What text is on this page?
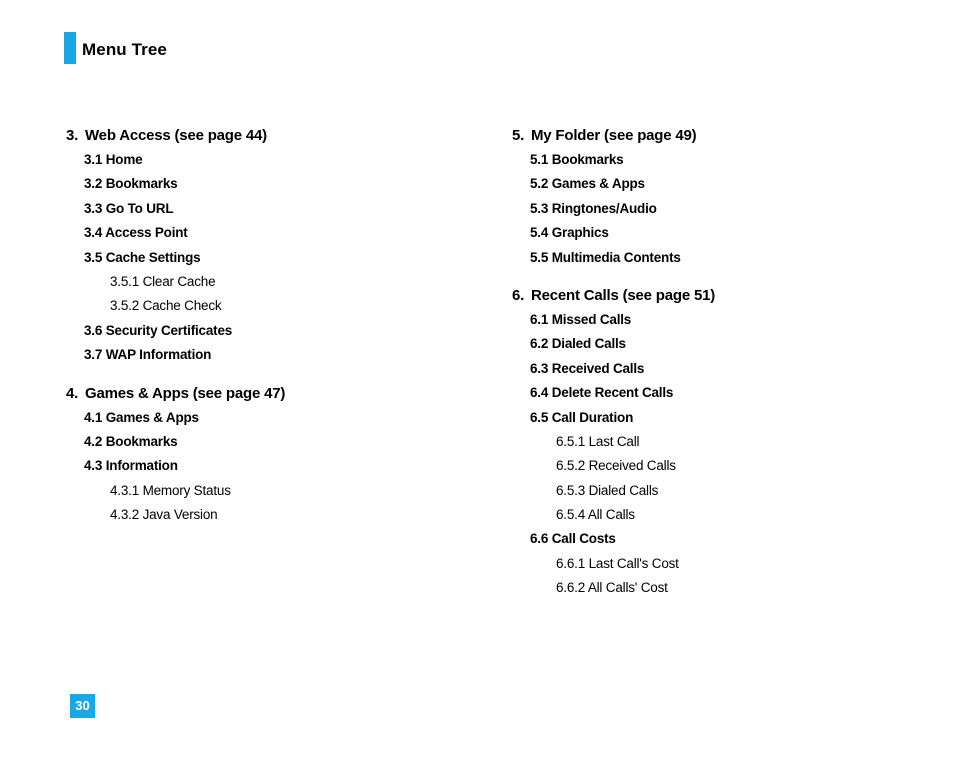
Menu Tree
3. Web Access (see page 44)
3.1 Home
3.2 Bookmarks
3.3 Go To URL
3.4 Access Point
3.5 Cache Settings
3.5.1 Clear Cache
3.5.2 Cache Check
3.6 Security Certificates
3.7 WAP Information
4. Games & Apps (see page 47)
4.1 Games & Apps
4.2 Bookmarks
4.3 Information
4.3.1 Memory Status
4.3.2 Java Version
5. My Folder (see page 49)
5.1 Bookmarks
5.2 Games & Apps
5.3 Ringtones/Audio
5.4 Graphics
5.5 Multimedia Contents
6. Recent Calls (see page 51)
6.1 Missed Calls
6.2 Dialed Calls
6.3 Received Calls
6.4 Delete Recent Calls
6.5 Call Duration
6.5.1 Last Call
6.5.2 Received Calls
6.5.3 Dialed Calls
6.5.4 All Calls
6.6 Call Costs
6.6.1 Last Call's Cost
6.6.2 All Calls' Cost
30
